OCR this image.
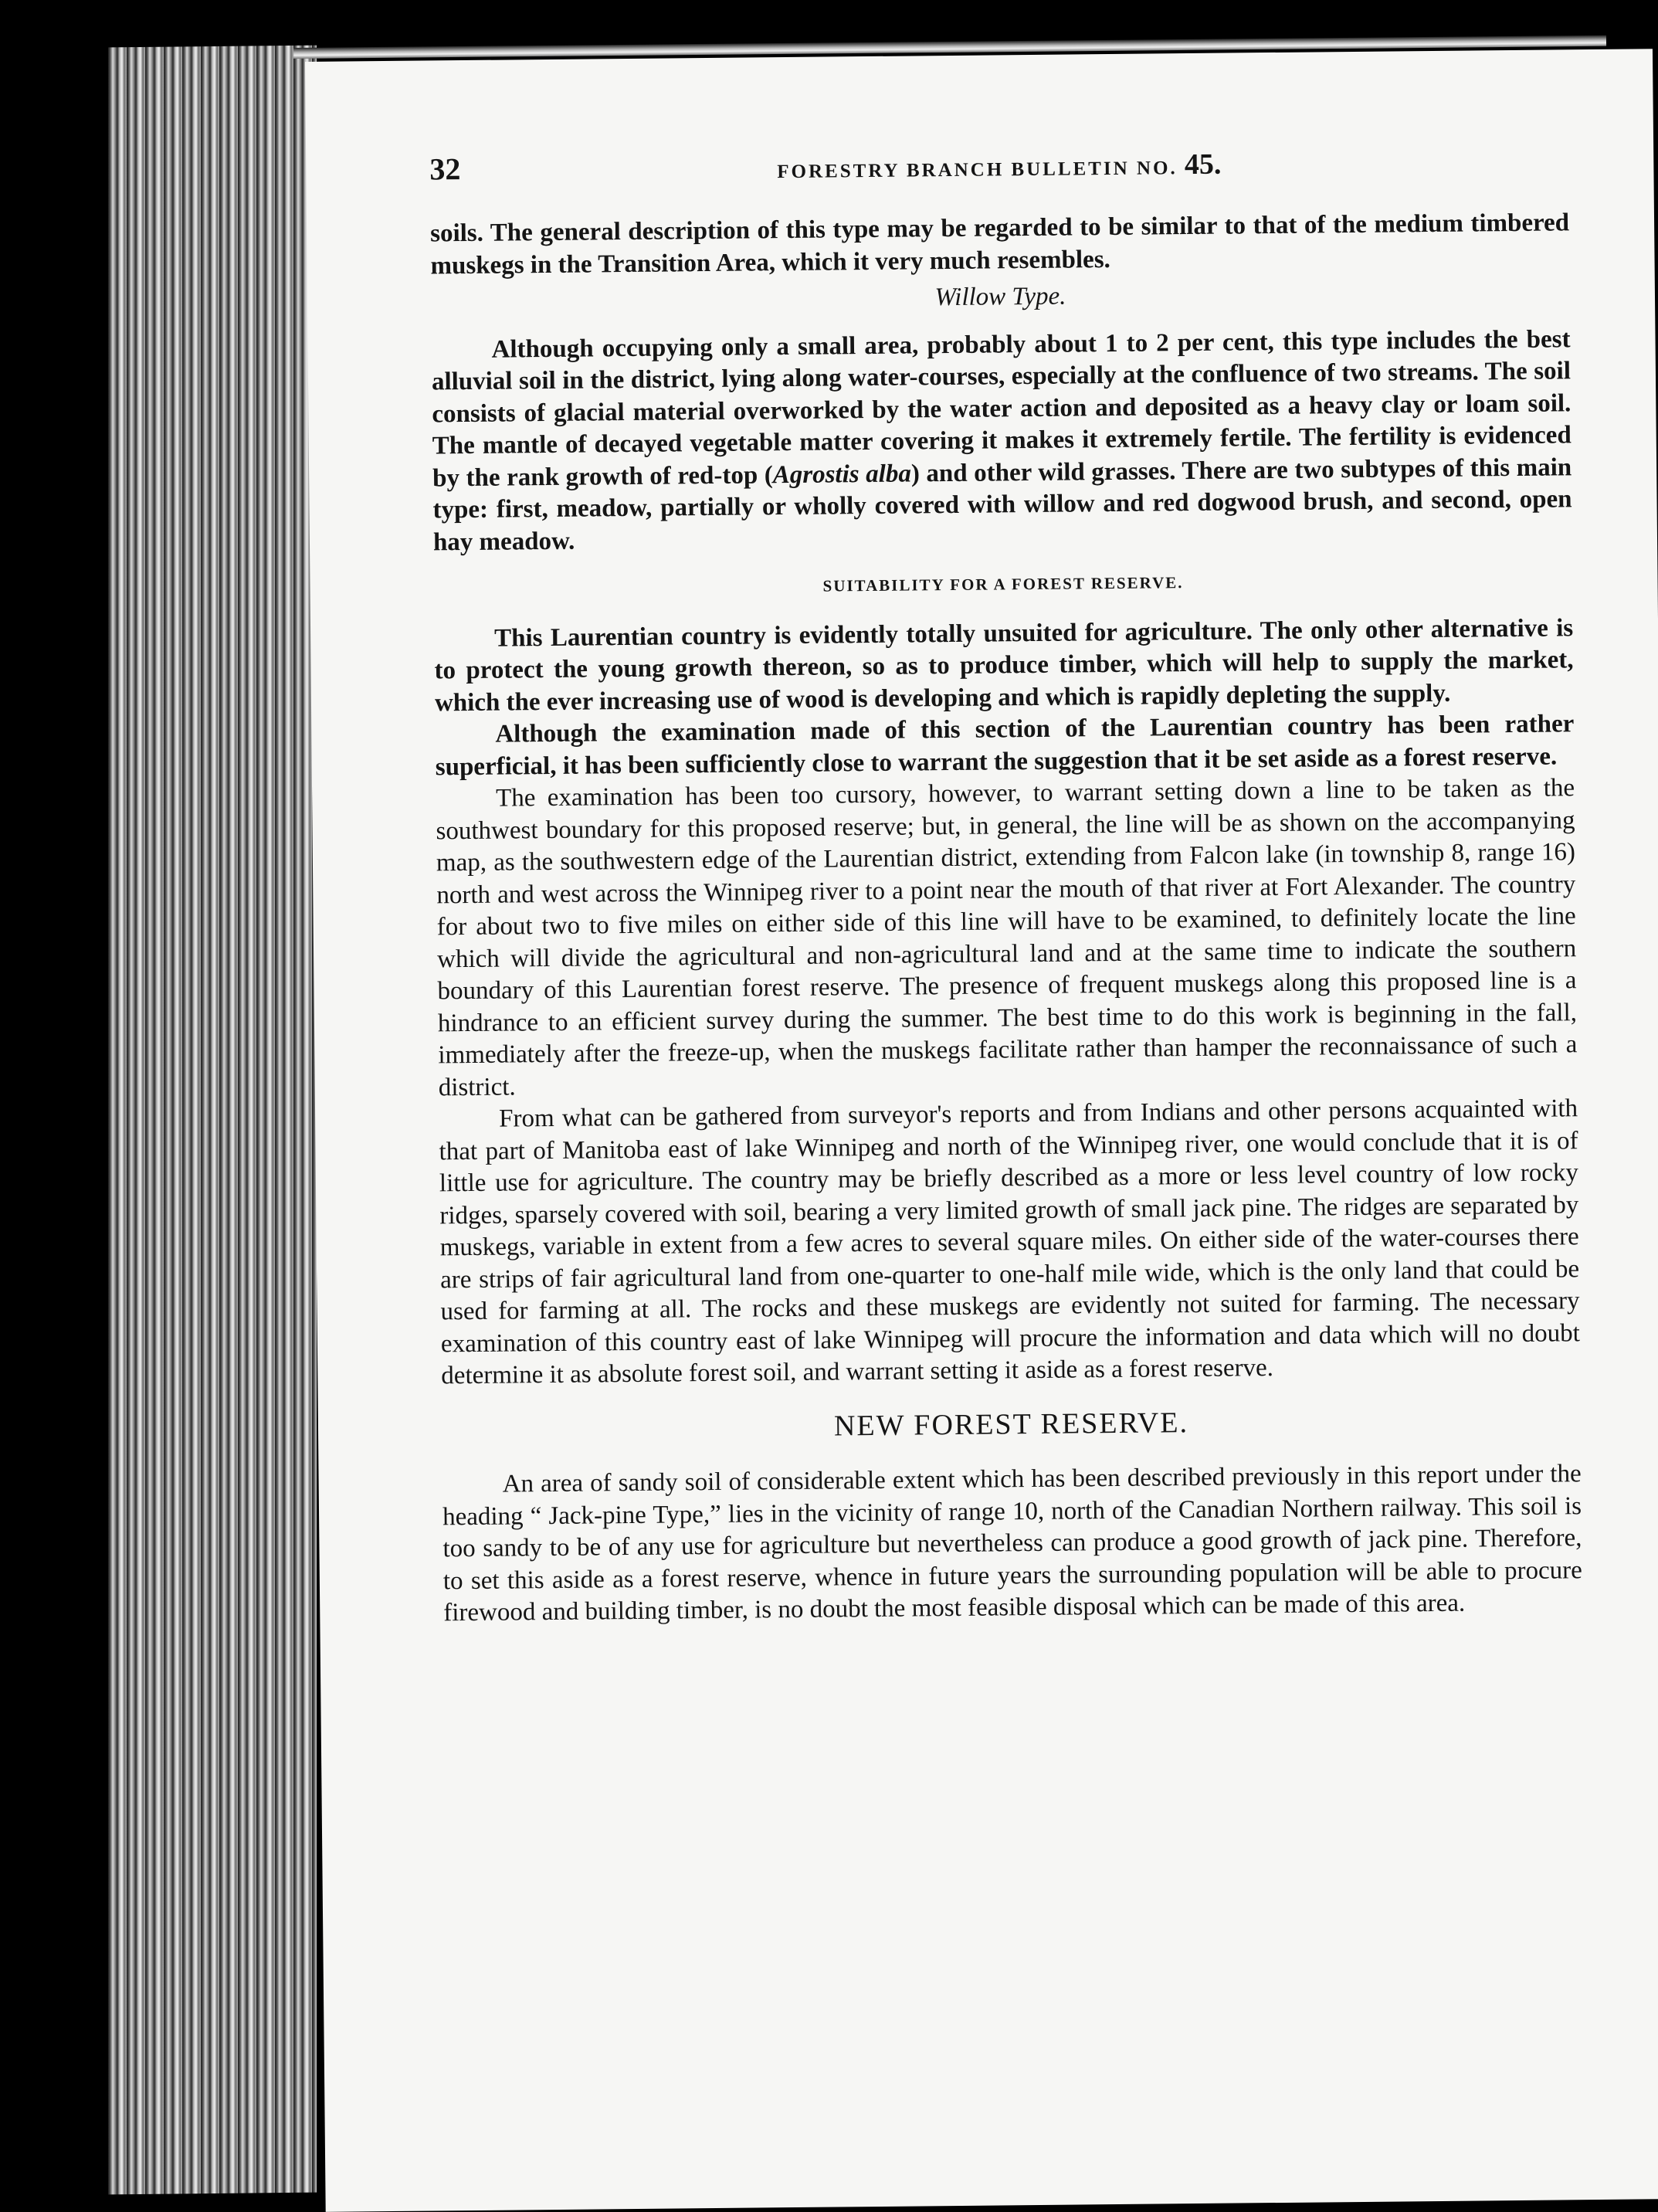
32	FORESTRY BRANCH BULLETIN NO. 45.

soils. The general description of this type may be regarded to be similar to that of the medium timbered muskegs in the Transition Area, which it very much resembles.

Willow Type.

Although occupying only a small area, probably about 1 to 2 per cent, this type includes the best alluvial soil in the district, lying along water-courses, especially at the confluence of two streams. The soil consists of glacial material overworked by the water action and deposited as a heavy clay or loam soil. The mantle of decayed vegetable matter covering it makes it extremely fertile. The fertility is evidenced by the rank growth of red-top (Agrostis alba) and other wild grasses. There are two subtypes of this main type: first, meadow, partially or wholly covered with willow and red dogwood brush, and second, open hay meadow.

SUITABILITY FOR A FOREST RESERVE.

This Laurentian country is evidently totally unsuited for agriculture. The only other alternative is to protect the young growth thereon, so as to produce timber, which will help to supply the market, which the ever increasing use of wood is developing and which is rapidly depleting the supply.

Although the examination made of this section of the Laurentian country has been rather superficial, it has been sufficiently close to warrant the suggestion that it be set aside as a forest reserve.

The examination has been too cursory, however, to warrant setting down a line to be taken as the southwest boundary for this proposed reserve; but, in general, the line will be as shown on the accompanying map, as the southwestern edge of the Laurentian district, extending from Falcon lake (in township 8, range 16) north and west across the Winnipeg river to a point near the mouth of that river at Fort Alexander. The country for about two to five miles on either side of this line will have to be examined, to definitely locate the line which will divide the agricultural and non-agricultural land and at the same time to indicate the southern boundary of this Laurentian forest reserve. The presence of frequent muskegs along this proposed line is a hindrance to an efficient survey during the summer. The best time to do this work is beginning in the fall, immediately after the freeze-up, when the muskegs facilitate rather than hamper the reconnaissance of such a district.

From what can be gathered from surveyor's reports and from Indians and other persons acquainted with that part of Manitoba east of lake Winnipeg and north of the Winnipeg river, one would conclude that it is of little use for agriculture. The country may be briefly described as a more or less level country of low rocky ridges, sparsely covered with soil, bearing a very limited growth of small jack pine. The ridges are separated by muskegs, variable in extent from a few acres to several square miles. On either side of the water-courses there are strips of fair agricultural land from one-quarter to one-half mile wide, which is the only land that could be used for farming at all. The rocks and these muskegs are evidently not suited for farming. The necessary examination of this country east of lake Winnipeg will procure the information and data which will no doubt determine it as absolute forest soil, and warrant setting it aside as a forest reserve.

NEW FOREST RESERVE.

An area of sandy soil of considerable extent which has been described previously in this report under the heading “ Jack-pine Type,” lies in the vicinity of range 10, north of the Canadian Northern railway. This soil is too sandy to be of any use for agriculture but nevertheless can produce a good growth of jack pine. Therefore, to set this aside as a forest reserve, whence in future years the surrounding population will be able to procure firewood and building timber, is no doubt the most feasible disposal which can be made of this area.
